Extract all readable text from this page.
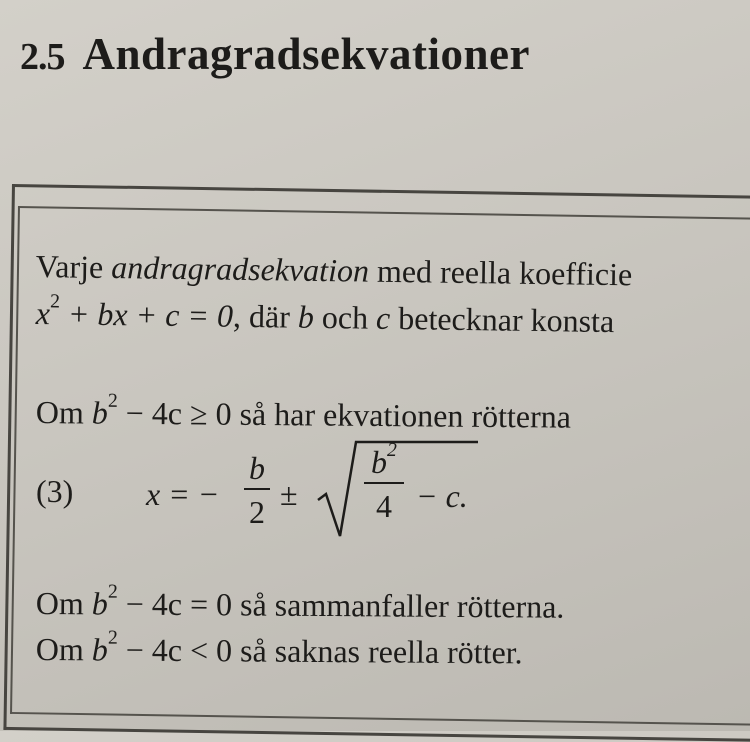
2.5 Andragradsekvationer
Varje andragradsekvation med reella koefficie
$x^2$ + bx + c = 0, där b och c betecknar konsta
Om $b^2 - 4c \ge 0$ så har ekvationen rötterna
(3) x = −
b
2 ±
$b^2$
4 − c.
Om $b^2 - 4c = 0$ så sammanfaller rötterna.
Om $b^2 - 4c < 0$ så saknas reella rötter.
